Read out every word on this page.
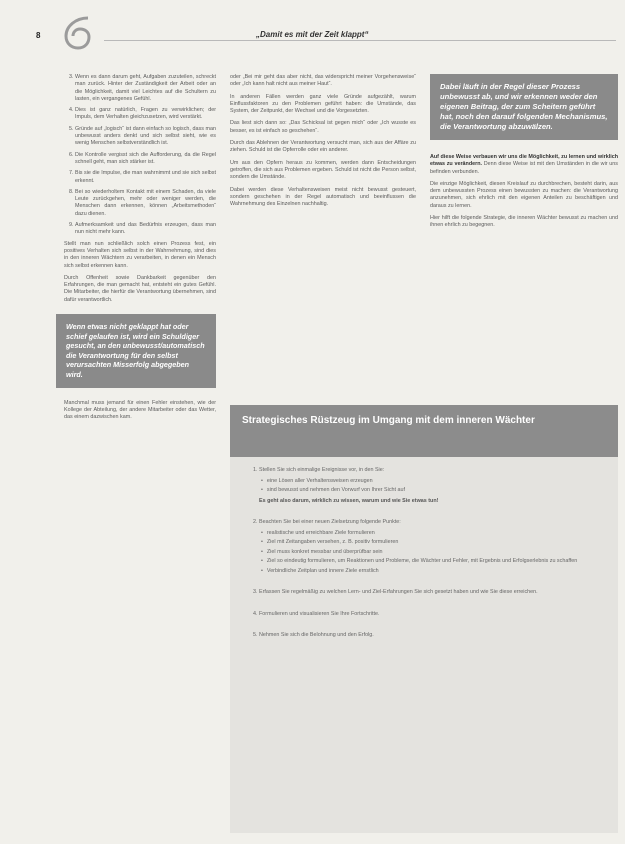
8	„Damit es mit der Zeit klappt“
3. Wenn es dann darum geht, Aufgaben zuzuteilen, schreckt man zurück. Hinter der Zuständigkeit der Arbeit oder an die Möglichkeit, damit viel Leichtes auf die Schultern zu lasten, ein vergangenes Gefühl.
4. Dies ist ganz natürlich, Fragen zu verwirklichen; der Impuls, dem Verhalten gleichzusetzen, wird verstärkt.
5. Gründe auf „logisch“ ist dann einfach so logisch, dass man unbewusst anders denkt und sich selbst sieht, wie es wenig Menschen selbstverständlich ist.
6. Die Kontrolle vergisst sich die Aufforderung, da die Regel schnell geht, man sich stärker ist.
7. Bis sie die Impulse, die man wahrnimmt und sie sich selbst erkennt.
8. Bei so wiederholtem Kontakt mit einem Schaden, da viele Leute zurückgehen, mehr oder weniger werden, die Menschen dann erkennen, können „Arbeitsmethoden“ dazu dienen.
9. Aufmerksamkeit und das Bedürfnis erzeugen, dass man nun nicht mehr kann.

Stellt man nun schließlich solch einen Prozess fest, ein positives Verhalten sich selbst in der Wahrnehmung, sind dies in den inneren Wächtern zu verarbeiten, in denen ein Mensch sich selbst erkennen kann.

Durch Offenheit sowie Dankbarkeit gegenüber den Erfahrungen, die man gemacht hat, entsteht ein gutes Gefühl. Die Mitarbeiter, die hierfür die Verantwortung übernehmen, sind dafür verantwortlich.

Wenn etwas nicht geklappt hat oder schief gelaufen ist, wird ein Schuldiger gesucht, an den unbewusst/automatisch die Verantwortung für den selbst verursachten Misserfolg abgegeben wird.

Manchmal muss jemand für einen Fehler einstehen, wie der Kollege der Abteilung, der andere Mitarbeiter oder das Wetter, das einem dazwischen kam.

oder „Bei mir geht das aber nicht, das widerspricht meiner Vorgehensweise“ oder „Ich kann halt nicht aus meiner Haut“.

In anderen Fällen werden ganz viele Gründe aufgezählt, warum Einflussfaktoren zu den Problemen geführt haben: die Umstände, das System, der Zeitpunkt, der Wechsel und die Vorgesetzten.

Das liest sich dann so: „Das Schicksal ist gegen mich“ oder „Ich wusste es besser, es ist einfach so geschehen“.

Durch das Ablehnen der Verantwortung versucht man, sich aus der Affäre zu ziehen. Schuld ist die Opferrolle oder ein anderer.

Um aus den Opfern heraus zu kommen, werden dann Entscheidungen getroffen, die sich aus Problemen ergeben. Schuld ist nicht die Person selbst, sondern die Umstände.

Dabei werden diese Verhaltensweisen meist nicht bewusst gesteuert, sondern geschehen in der Regel automatisch und beeinflussen die Wahrnehmung des Einzelnen nachhaltig.

Dabei läuft in der Regel dieser Prozess unbewusst ab, und wir erkennen weder den eigenen Beitrag, der zum Scheitern geführt hat, noch den darauf folgenden Mechanismus, die Verantwortung abzuwälzen.

Auf diese Weise verbauen wir uns die Möglichkeit, zu lernen und wirklich etwas zu verändern. Denn diese Weise ist mit den Umständen in die wir uns befinden verbunden.

Die einzige Möglichkeit, diesen Kreislauf zu durchbrechen, besteht darin, aus dem unbewussten Prozess einen bewussten zu machen: die Verantwortung anzunehmen, sich ehrlich mit den eigenen Anteilen zu beschäftigen und daraus zu lernen.

Hier hilft die folgende Strategie, die inneren Wächter bewusst zu machen und ihnen ehrlich zu begegnen.

Strategisches Rüstzeug im Umgang mit dem inneren Wächter
1. Stellen Sie sich einmalige Ereignisse vor, in den Sie:
• eine Lösen aller Verhaltensweisen erzeugen
• sind bewusst und nehmen den Vorwurf von Ihrer Sicht auf
Es geht also darum, wirklich zu wissen, warum und wie Sie etwas tun!
2. Beachten Sie bei einer neuen Zielsetzung folgende Punkte:
• realistische und erreichbare Ziele formulieren
• Ziel mit Zeitangaben versehen, z. B. positiv formulieren
• Ziel muss konkret messbar und überprüfbar sein
• Ziel so eindeutig formulieren, um Reaktionen und Probleme, die Wächter und Fehler, mit Ergebnis und Erfolgserlebnis zu schaffen
• Verbindliche Zeitplan und innere Ziele ernstlich
3. Erfassen Sie regelmäßig zu welchen Lern- und Ziel-Erfahrungen Sie sich gesetzt haben und wie Sie diese erreichen.
4. Formulieren und visualisieren Sie Ihre Fortschritte.
5. Nehmen Sie sich die Belohnung und den Erfolg.
